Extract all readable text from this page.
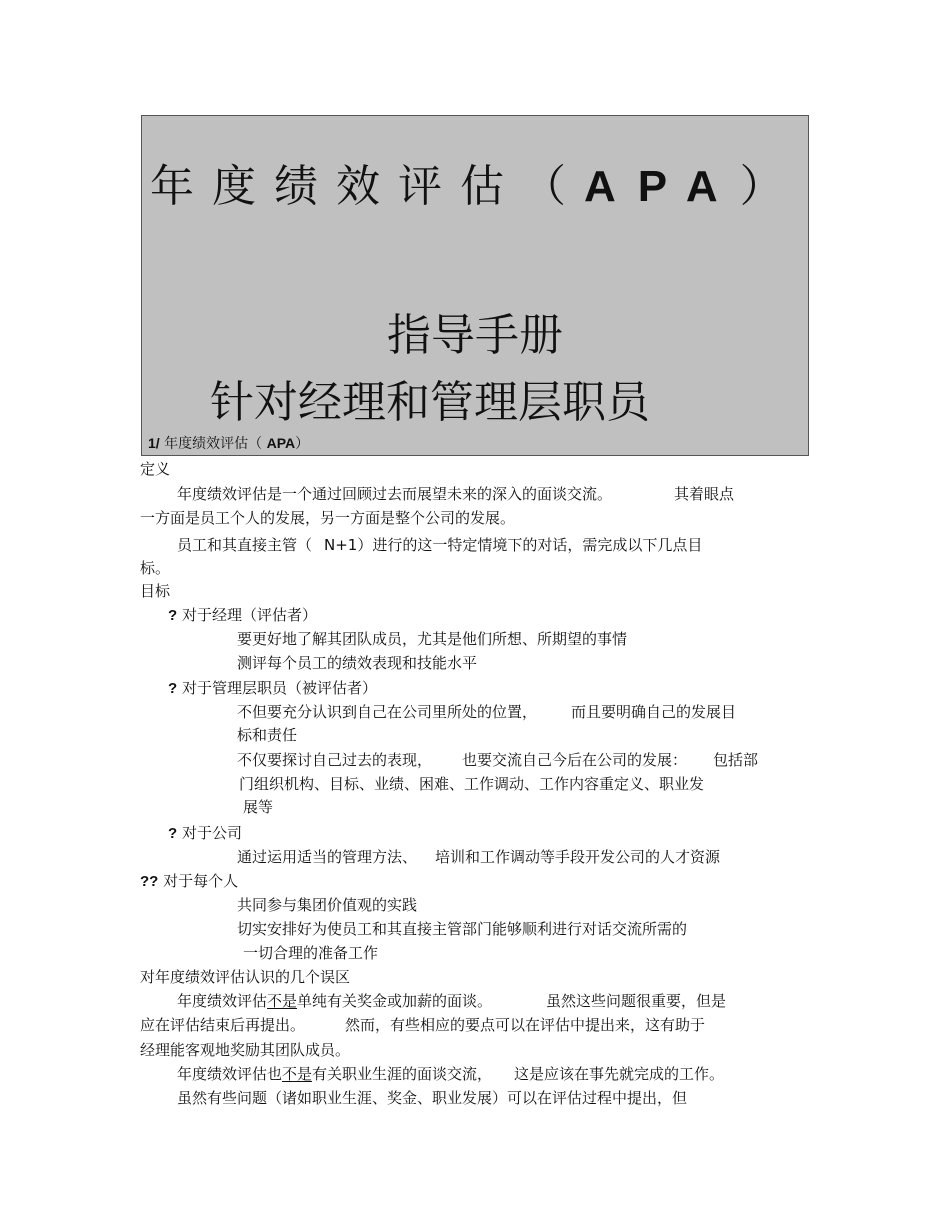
年度绩效评估（APA）
指导手册
针对经理和管理层职员
1/ 年度绩效评估（ APA）
定义
年度绩效评估是一个通过回顾过去而展望未来的深入的面谈交流。	其着眼点
一方面是员工个人的发展，另一方面是整个公司的发展。
员工和其直接主管（ N+1）进行的这一特定情境下的对话，需完成以下几点目
标。
目标
? 对于经理（评估者）
要更好地了解其团队成员，尤其是他们所想、所期望的事情
测评每个员工的绩效表现和技能水平
? 对于管理层职员（被评估者）
不但要充分认识到自己在公司里所处的位置， 而且要明确自己的发展目
标和责任
不仅要探讨自己过去的表现， 也要交流自己今后在公司的发展： 包括部
门组织机构、目标、业绩、困难、工作调动、工作内容重定义、职业发
展等
? 对于公司
通过运用适当的管理方法、 培训和工作调动等手段开发公司的人才资源
?? 对于每个人
共同参与集团价值观的实践
切实安排好为使员工和其直接主管部门能够顺利进行对话交流所需的
一切合理的准备工作
对年度绩效评估认识的几个误区
年度绩效评估不是单纯有关奖金或加薪的面谈。	虽然这些问题很重要，但是
应在评估结束后再提出。	然而，有些相应的要点可以在评估中提出来，这有助于
经理能客观地奖励其团队成员。
年度绩效评估也不是有关职业生涯的面谈交流， 这是应该在事先就完成的工作。
虽然有些问题（诸如职业生涯、奖金、职业发展）可以在评估过程中提出，但
